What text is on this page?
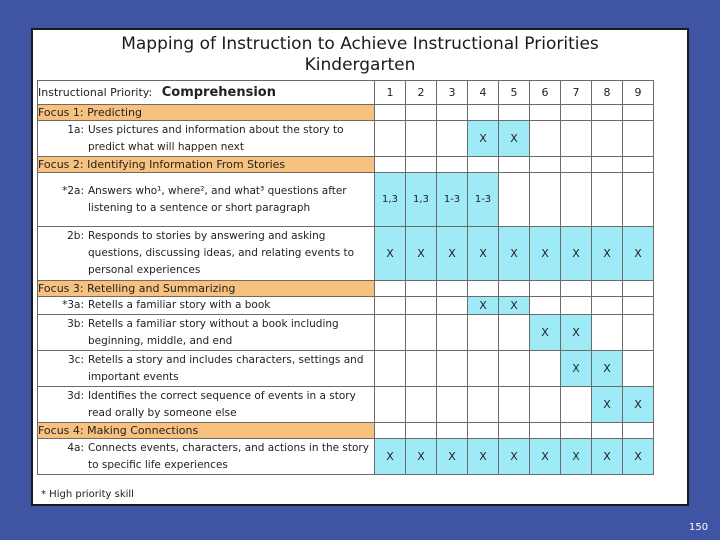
Mapping of Instruction to Achieve Instructional Priorities
Kindergarten
Instructional Priority: Comprehension	1	2	3	4	5	6	7	8	9
Focus 1: Predicting									

1a: Uses pictures and information about the story to predict what will happen next				X	X				
Focus 2: Identifying Information From Stories									

*2a: Answers who¹, where², and what³ questions after listening to a sentence or short paragraph	1,3	1,3	1-3	1-3					

2b: Responds to stories by answering and asking questions, discussing ideas, and relating events to personal experiences	X	X	X	X	X	X	X	X	X
Focus 3: Retelling and Summarizing									

*3a: Retells a familiar story with a book				X	X				

3b: Retells a familiar story without a book including beginning, middle, and end						X	X		

3c: Retells a story and includes characters, settings and important events							X	X	

3d: Identifies the correct sequence of events in a story read orally by someone else								X	X
Focus 4: Making Connections									

4a: Connects events, characters, and actions in the story to specific life experiences	X	X	X	X	X	X	X	X	X
* High priority skill
150
